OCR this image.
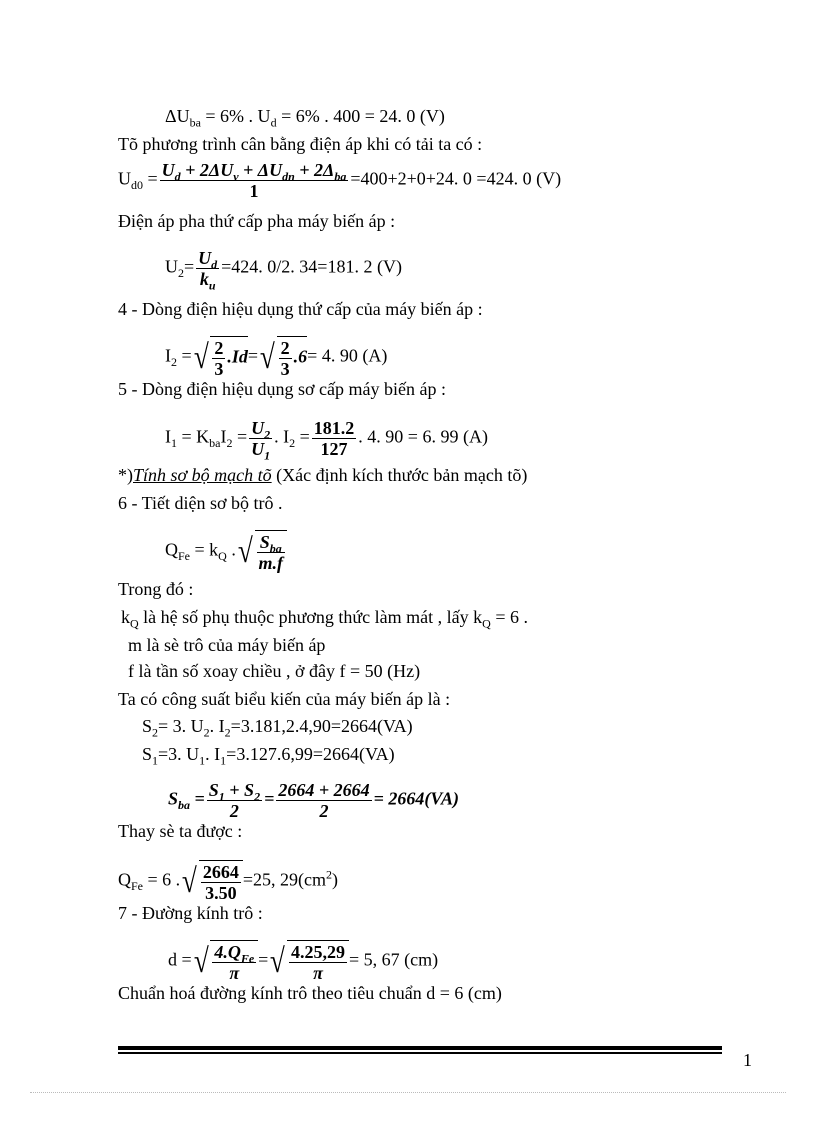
$\Delta U_{ba} = 6\%$ . $U_d = 6\%$ . 400 = 24. 0 (V)
Tõ phương trình cân bằng điện áp khi có tải ta có :
$U_{d0} = \frac{U_d + 2\Delta U_v + \Delta U_{dn} + 2\Delta_{ba}}{1} =400+2+0+24$. 0 =424. 0 (V)
Điện áp pha thứ cấp pha máy biến áp :
$U_2= \frac{U_d}{k_u} =424$. 0/2. 34=181. 2 (V)
4 - Dòng điện hiệu dụng thứ cấp của máy biến áp :
$I_2$ =√ $\frac{2}{3} .Id=√ \frac{2}{3} .6= 4$. 90 (A)
5 - Dòng điện hiệu dụng sơ cấp máy biến áp :
$I_1 = K_{ba}I_2 = \frac{U_2}{U_1}$ . $I_2 = \frac{181.2}{127}$ . 4. 90 = 6. 99 (A)
*)Tính sơ bộ mạch tõ (Xác định kích thước bản mạch tõ)
6 - Tiết diện sơ bộ trô .
$Q_{Fe} = k_Q$ .√ $\frac{S_{ba}}{m.f}$
Trong đó :
$k_Q$ là hệ số phụ thuộc phương thức làm mát , lấy $k_Q = 6$ .
m là sè trô của máy biến áp
f là tần số xoay chiều , ở đây f = 50 (Hz)
Ta có công suất biểu kiến của máy biến áp là :
$S_2= 3$. $U_2$. $I_2=3.181,2.4,90=2664(VA)$
$S_1=3$. $U_1$. $I_1=3.127.6,99=2664(VA)$
$S_{ba} = \frac{S_1 + S_2}{2} = \frac{2664 + 2664}{2} = 2664(VA)$
Thay sè ta được :
$Q_{Fe} = 6$ .√ $\frac{2664}{3.50} =25$, $29(cm^2)$
7 - Đường kính trô :
d =√ $\frac{4.Q_{Fe}}{\pi}$ =√ $\frac{4.25,29}{\pi} = 5$, 67 (cm)
Chuẩn hoá đường kính trô theo tiêu chuẩn d = 6 (cm)
1
